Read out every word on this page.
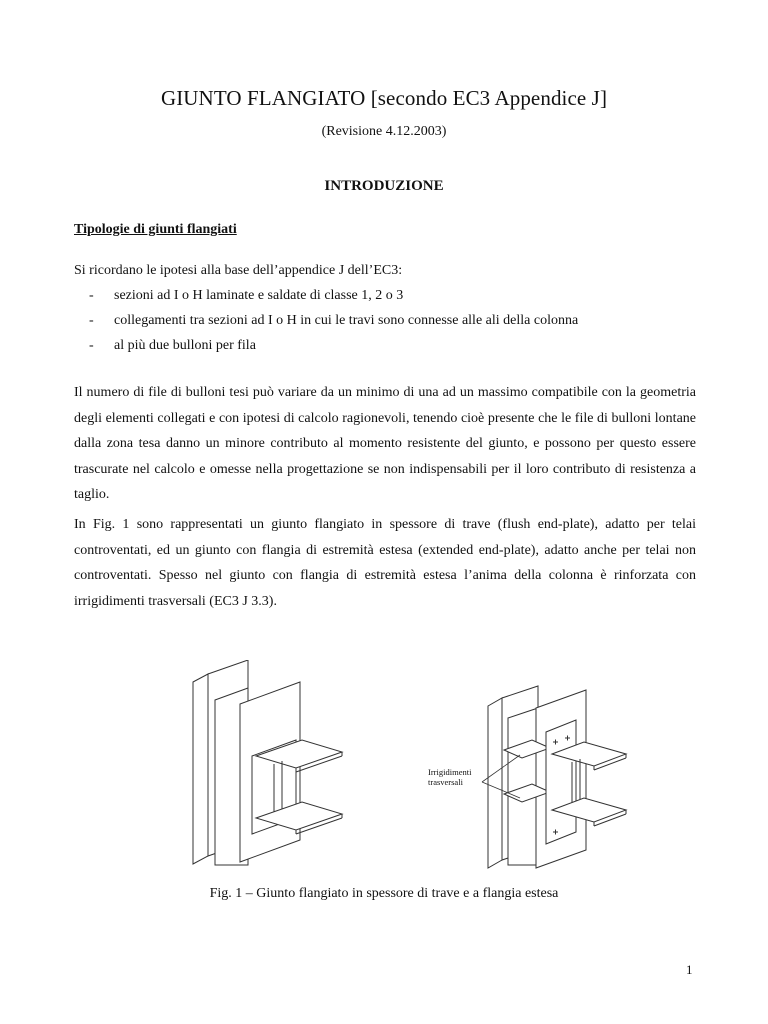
GIUNTO FLANGIATO [secondo EC3 Appendice J]
(Revisione 4.12.2003)
INTRODUZIONE
Tipologie di giunti flangiati
Si ricordano le ipotesi alla base dell’appendice J dell’EC3:
- sezioni ad I o H laminate e saldate di classe 1, 2 o 3
- collegamenti tra sezioni ad I o H in cui le travi sono connesse alle ali della colonna
- al più due bulloni per fila

Il numero di file di bulloni tesi può variare da un minimo di una ad un massimo compatibile con la geometria degli elementi collegati e con ipotesi di calcolo ragionevoli, tenendo cioè presente che le file di bulloni lontane dalla zona tesa danno un minore contributo al momento resistente del giunto, e possono per questo essere trascurate nel calcolo e omesse nella progettazione se non indispensabili per il loro contributo di resistenza a taglio.

In Fig. 1 sono rappresentati un giunto flangiato in spessore di trave (flush end-plate), adatto per telai controventati, ed un giunto con flangia di estremità estesa (extended end-plate), adatto anche per telai non controventati. Spesso nel giunto con flangia di estremità estesa l’anima della colonna è rinforzata con irrigidimenti trasversali (EC3 J 3.3).

Irrigidimenti
trasversali
Fig. 1 – Giunto flangiato in spessore di trave e a flangia estesa
1
